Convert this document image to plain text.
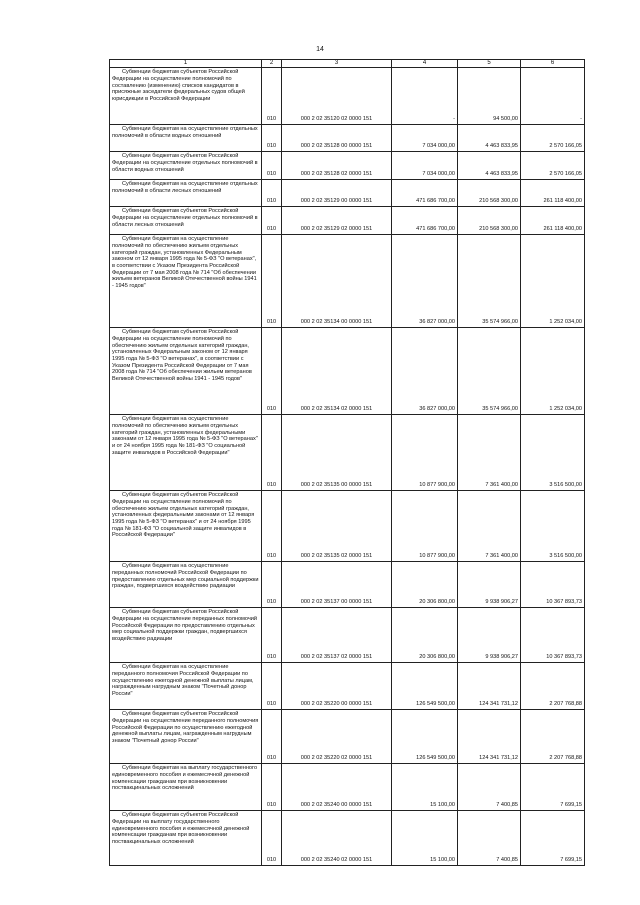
14
1	2	3	4	5	6
Субвенции бюджетам субъектов Российской Федерации на осуществление полномочий по составлению (изменению) списков кандидатов в присяжные заседатели федеральных судов общей юрисдикции в Российской Федерации	010	000 2 02 35120 02 0000 151	-	94 500,00	-
Субвенции бюджетам на осуществление отдельных полномочий в области водных отношений	010	000 2 02 35128 00 0000 151	7 034 000,00	4 463 833,95	2 570 166,05
Субвенции бюджетам субъектов Российской Федерации на осуществление отдельных полномочий в области водных отношений	010	000 2 02 35128 02 0000 151	7 034 000,00	4 463 833,95	2 570 166,05
Субвенции бюджетам на осуществление отдельных полномочий в области лесных отношений	010	000 2 02 35129 00 0000 151	471 686 700,00	210 568 300,00	261 118 400,00
Субвенции бюджетам субъектов Российской Федерации на осуществление отдельных полномочий в области лесных отношений	010	000 2 02 35129 02 0000 151	471 686 700,00	210 568 300,00	261 118 400,00
Субвенции бюджетам на осуществление полномочий по обеспечению жильем отдельных категорий граждан, установленных Федеральным законом от 12 января 1995 года № 5-ФЗ "О ветеранах", в соответствии с Указом Президента Российской Федерации от 7 мая 2008 года № 714 "Об обеспечении жильем ветеранов Великой Отечественной войны 1941 - 1945 годов"	010	000 2 02 35134 00 0000 151	36 827 000,00	35 574 966,00	1 252 034,00
Субвенции бюджетам субъектов Российской Федерации на осуществление полномочий по обеспечению жильем отдельных категорий граждан, установленных Федеральным законом от 12 января 1995 года № 5-ФЗ "О ветеранах", в соответствии с Указом Президента Российской Федерации от 7 мая 2008 года № 714 "Об обеспечении жильем ветеранов Великой Отечественной войны 1941 - 1945 годов"	010	000 2 02 35134 02 0000 151	36 827 000,00	35 574 966,00	1 252 034,00
Субвенции бюджетам на осуществление полномочий по обеспечению жильем отдельных категорий граждан, установленных федеральными законами от 12 января 1995 года № 5-ФЗ "О ветеранах" и от 24 ноября 1995 года № 181-ФЗ "О социальной защите инвалидов в Российской Федерации"	010	000 2 02 35135 00 0000 151	10 877 900,00	7 361 400,00	3 516 500,00
Субвенции бюджетам субъектов Российской Федерации на осуществление полномочий по обеспечению жильем отдельных категорий граждан, установленных федеральными законами от 12 января 1995 года № 5-ФЗ "О ветеранах" и от 24 ноября 1995 года № 181-ФЗ "О социальной защите инвалидов в Российской Федерации"	010	000 2 02 35135 02 0000 151	10 877 900,00	7 361 400,00	3 516 500,00
Субвенции бюджетам на осуществление переданных полномочий Российской Федерации по предоставлению отдельных мер социальной поддержки граждан, подвергшихся воздействию радиации	010	000 2 02 35137 00 0000 151	20 306 800,00	9 938 906,27	10 367 893,73
Субвенции бюджетам субъектов Российской Федерации на осуществление переданных полномочий Российской Федерации по предоставлению отдельных мер социальной поддержки граждан, подвергшихся воздействию радиации	010	000 2 02 35137 02 0000 151	20 306 800,00	9 938 906,27	10 367 893,73
Субвенции бюджетам на осуществление переданного полномочия Российской Федерации по осуществлению ежегодной денежной выплаты лицам, награжденным нагрудным знаком "Почетный донор России"	010	000 2 02 35220 00 0000 151	126 549 500,00	124 341 731,12	2 207 768,88
Субвенции бюджетам субъектов Российской Федерации на осуществление переданного полномочия Российской Федерации по осуществлению ежегодной денежной выплаты лицам, награжденным нагрудным знаком "Почетный донор России"	010	000 2 02 35220 02 0000 151	126 549 500,00	124 341 731,12	2 207 768,88
Субвенции бюджетам на выплату государственного единовременного пособия и ежемесячной денежной компенсации гражданам при возникновении поствакцинальных осложнений	010	000 2 02 35240 00 0000 151	15 100,00	7 400,85	7 699,15
Субвенции бюджетам субъектов Российской Федерации на выплату государственного единовременного пособия и ежемесячной денежной компенсации гражданам при возникновении поствакцинальных осложнений	010	000 2 02 35240 02 0000 151	15 100,00	7 400,85	7 699,15
